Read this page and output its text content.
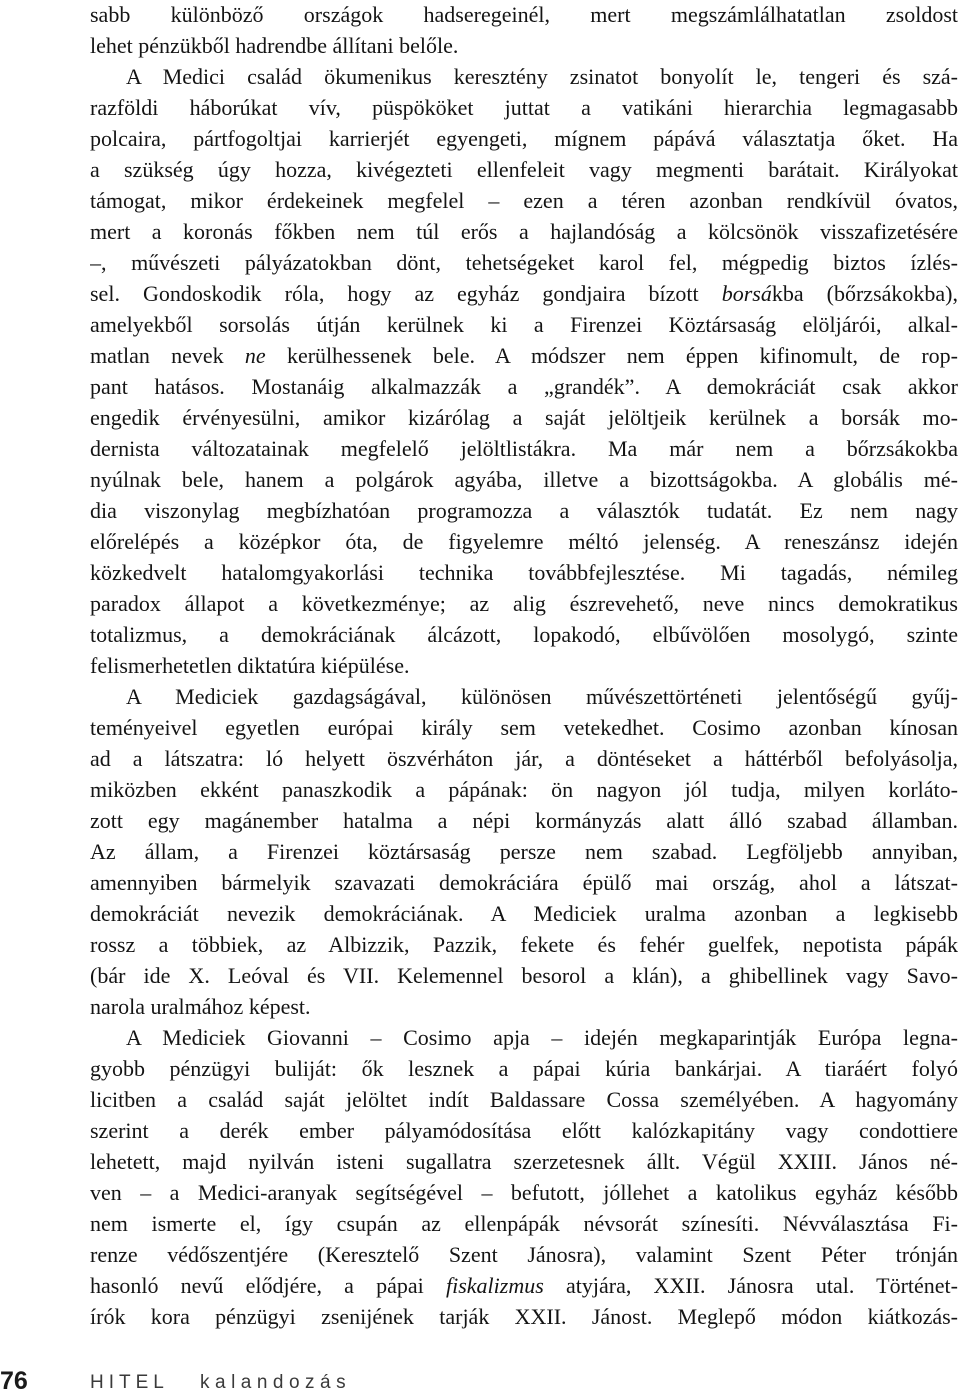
sabb különböző országok hadseregeinél, mert megszámlálhatatlan zsoldost
lehet pénzükből hadrendbe állítani belőle.
A Medici család ökumenikus keresztény zsinatot bonyolít le, tengeri és szá-
razföldi háborúkat vív, püspököket juttat a vatikáni hierarchia legmagasabb
polcaira, pártfogoltjai karrierjét egyengeti, mígnem pápává választatja őket. Ha
a szükség úgy hozza, kivégezteti ellenfeleit vagy megmenti barátait. Királyokat
támogat, mikor érdekeinek megfelel – ezen a téren azonban rendkívül óvatos,
mert a koronás főkben nem túl erős a hajlandóság a kölcsönök visszafizetésére
–, művészeti pályázatokban dönt, tehetségeket karol fel, mégpedig biztos ízlés-
sel. Gondoskodik róla, hogy az egyház gondjaira bízott borsákba (bőrzsákokba),
amelyekből sorsolás útján kerülnek ki a Firenzei Köztársaság elöljárói, alkal-
matlan nevek ne kerülhessenek bele. A módszer nem éppen kifinomult, de rop-
pant hatásos. Mostanáig alkalmazzák a „grandék”. A demokráciát csak akkor
engedik érvényesülni, amikor kizárólag a saját jelöltjeik kerülnek a borsák mo-
dernista változatainak megfelelő jelöltlistákra. Ma már nem a bőrzsákokba
nyúlnak bele, hanem a polgárok agyába, illetve a bizottságokba. A globális mé-
dia viszonylag megbízhatóan programozza a választók tudatát. Ez nem nagy
előrelépés a középkor óta, de figyelemre méltó jelenség. A reneszánsz idején
közkedvelt hatalomgyakorlási technika továbbfejlesztése. Mi tagadás, némileg
paradox állapot a következménye; az alig észrevehető, neve nincs demokratikus
totalizmus, a demokráciának álcázott, lopakodó, elbűvölően mosolygó, szinte
felismerhetetlen diktatúra kiépülése.
A Mediciek gazdagságával, különösen művészettörténeti jelentőségű gyűj-
teményeivel egyetlen európai király sem vetekedhet. Cosimo azonban kínosan
ad a látszatra: ló helyett öszvérháton jár, a döntéseket a háttérből befolyásolja,
miközben ekként panaszkodik a pápának: ön nagyon jól tudja, milyen korláto-
zott egy magánember hatalma a népi kormányzás alatt álló szabad államban.
Az állam, a Firenzei köztársaság persze nem szabad. Legföljebb annyiban,
amennyiben bármelyik szavazati demokráciára épülő mai ország, ahol a látszat-
demokráciát nevezik demokráciának. A Mediciek uralma azonban a legkisebb
rossz a többiek, az Albizzik, Pazzik, fekete és fehér guelfek, nepotista pápák
(bár ide X. Leóval és VII. Kelemennel besorol a klán), a ghibellinek vagy Savo-
narola uralmához képest.
A Mediciek Giovanni – Cosimo apja – idején megkaparintják Európa legna-
gyobb pénzügyi buliját: ők lesznek a pápai kúria bankárjai. A tiaráért folyó
licitben a család saját jelöltet indít Baldassare Cossa személyében. A hagyomány
szerint a derék ember pályamódosítása előtt kalózkapitány vagy condottiere
lehetett, majd nyilván isteni sugallatra szerzetesnek állt. Végül XXIII. János né-
ven – a Medici-aranyak segítségével – befutott, jóllehet a katolikus egyház később
nem ismerte el, így csupán az ellenpápák névsorát színesíti. Névválasztása Fi-
renze védőszentjére (Keresztelő Szent Jánosra), valamint Szent Péter trónján
hasonló nevű elődjére, a pápai fiskalizmus atyjára, XXII. Jánosra utal. Történet-
írók kora pénzügyi zsenijének tarják XXII. Jánost. Meglepő módon kiátkozás-
76	HITEL kalandozás
